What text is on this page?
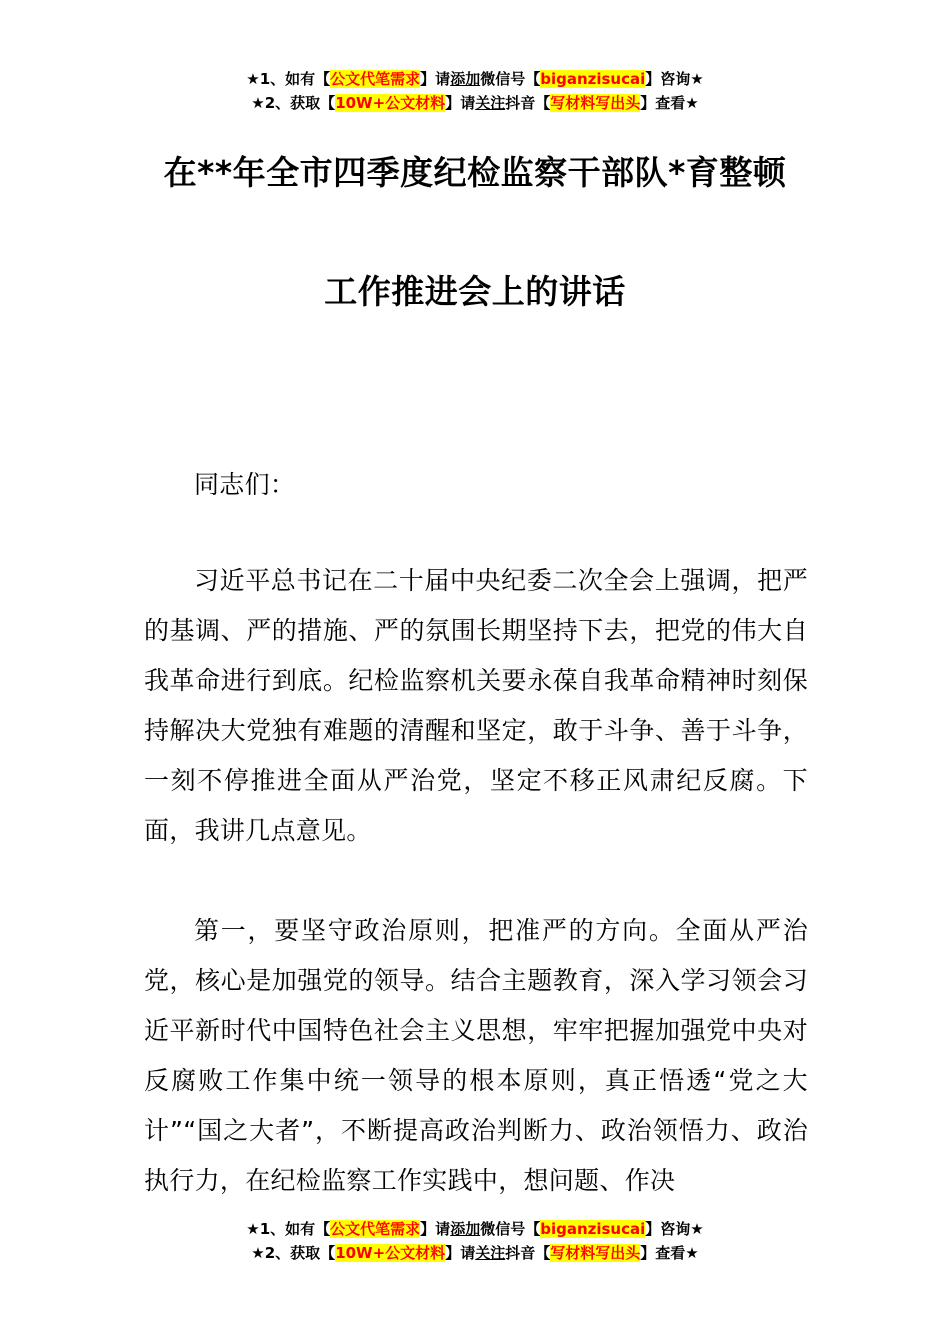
★1、如有【公文代笔需求】请添加微信号【biganzisucai】咨询★
★2、获取【10W+公文材料】请关注抖音【写材料写出头】查看★
在**年全市四季度纪检监察干部队*育整顿
工作推进会上的讲话

同志们：

习近平总书记在二十届中央纪委二次全会上强调，把严的基调、严的措施、严的氛围长期坚持下去，把党的伟大自我革命进行到底。纪检监察机关要永葆自我革命精神时刻保持解决大党独有难题的清醒和坚定，敢于斗争、善于斗争，一刻不停推进全面从严治党，坚定不移正风肃纪反腐。下面，我讲几点意见。

第一，要坚守政治原则，把准严的方向。全面从严治党，核心是加强党的领导。结合主题教育，深入学习领会习近平新时代中国特色社会主义思想，牢牢把握加强党中央对反腐败工作集中统一领导的根本原则，真正悟透“党之大计”“国之大者”，不断提高政治判断力、政治领悟力、政治执行力，在纪检监察工作实践中，想问题、作决

★1、如有【公文代笔需求】请添加微信号【biganzisucai】咨询★
★2、获取【10W+公文材料】请关注抖音【写材料写出头】查看★
